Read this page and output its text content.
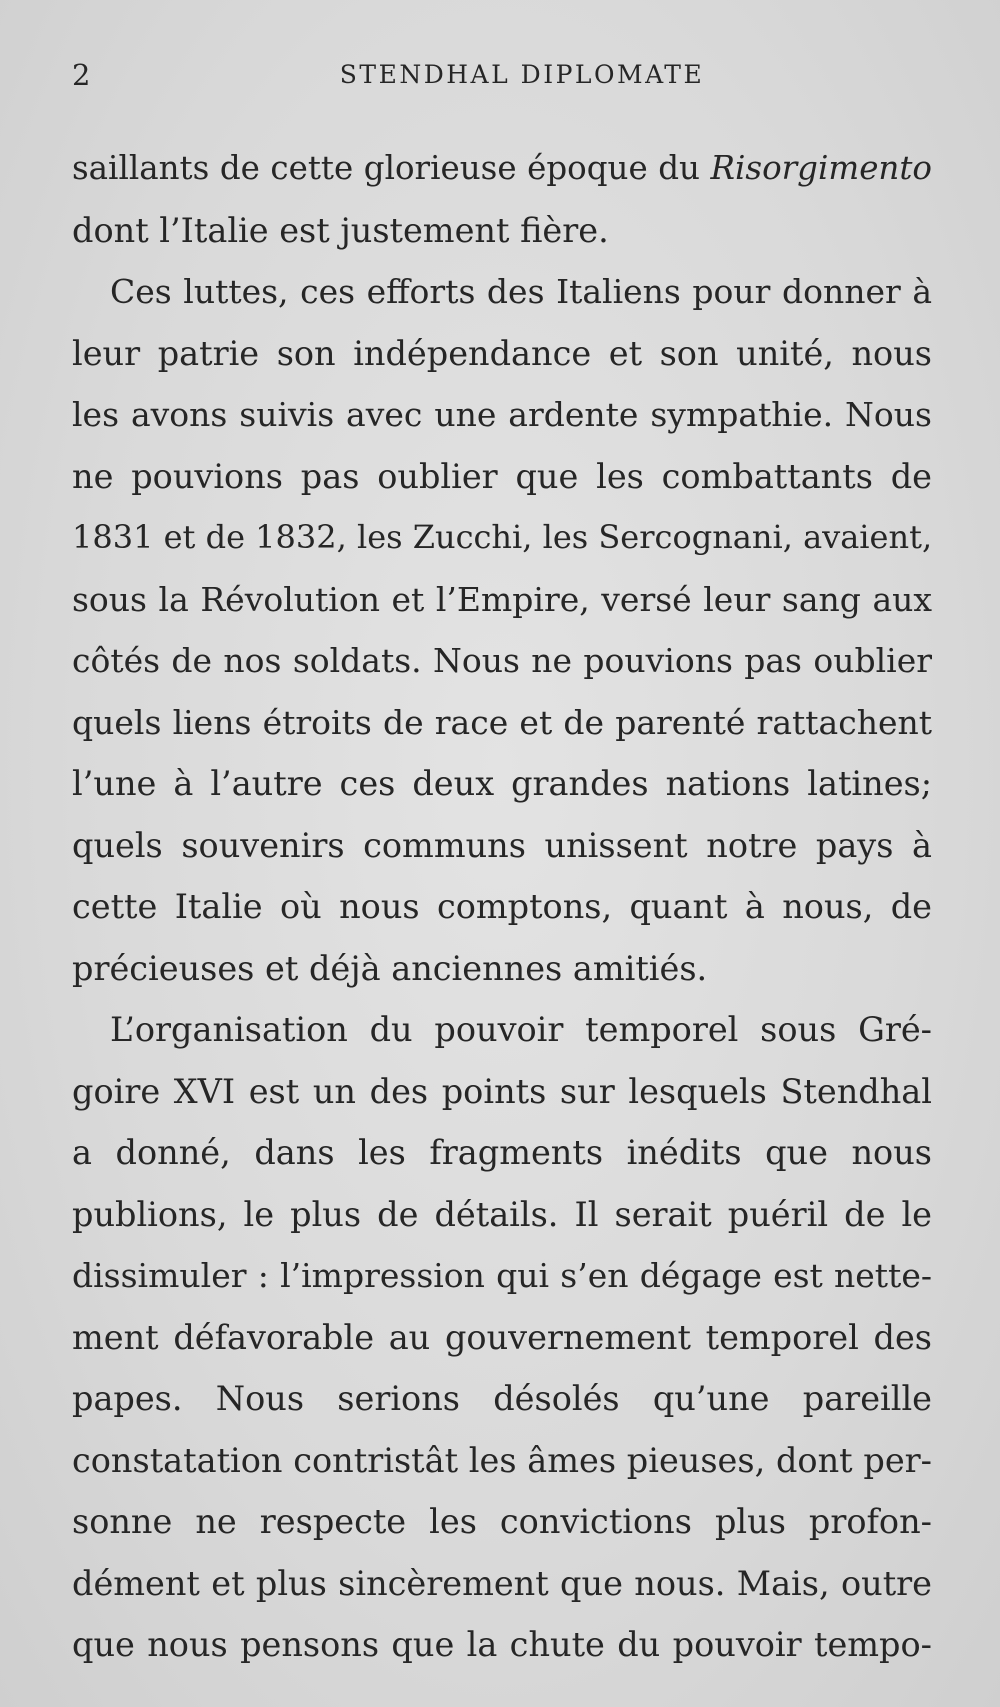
2	STENDHAL DIPLOMATE
saillants de cette glorieuse époque du Risorgimento
dont l’Italie est justement fière.
Ces luttes, ces efforts des Italiens pour donner à
leur patrie son indépendance et son unité, nous
les avons suivis avec une ardente sympathie. Nous
ne pouvions pas oublier que les combattants de
1831 et de 1832, les Zucchi, les Sercognani, avaient,
sous la Révolution et l’Empire, versé leur sang aux
côtés de nos soldats. Nous ne pouvions pas oublier
quels liens étroits de race et de parenté rattachent
l’une à l’autre ces deux grandes nations latines;
quels souvenirs communs unissent notre pays à
cette Italie où nous comptons, quant à nous, de
précieuses et déjà anciennes amitiés.
L’organisation du pouvoir temporel sous Gré-
goire XVI est un des points sur lesquels Stendhal
a donné, dans les fragments inédits que nous
publions, le plus de détails. Il serait puéril de le
dissimuler : l’impression qui s’en dégage est nette-
ment défavorable au gouvernement temporel des
papes. Nous serions désolés qu’une pareille
constatation contristât les âmes pieuses, dont per-
sonne ne respecte les convictions plus profon-
dément et plus sincèrement que nous. Mais, outre
que nous pensons que la chute du pouvoir tempo-
